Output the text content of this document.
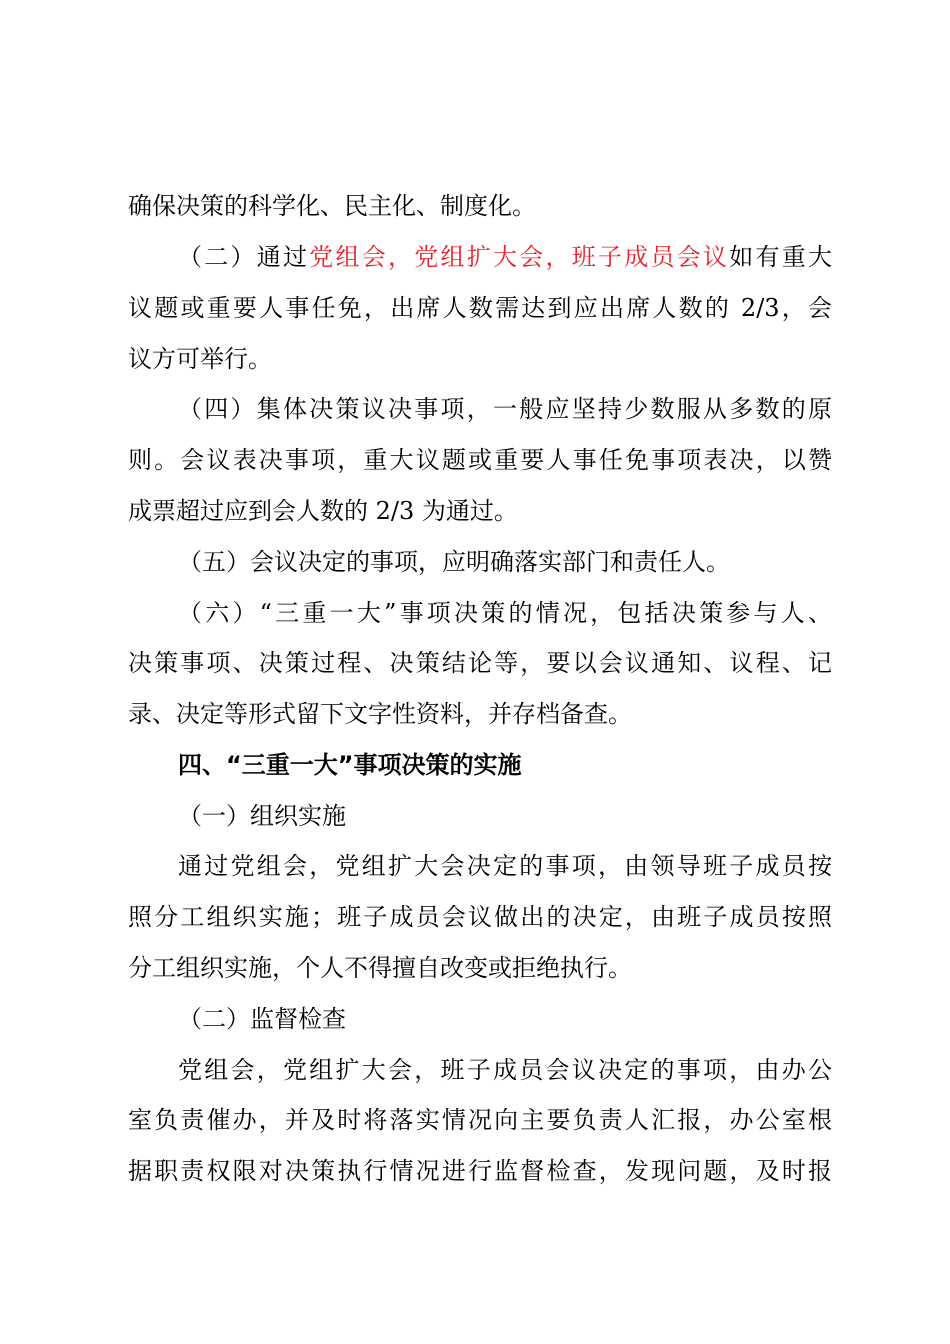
确保决策的科学化、民主化、制度化。
（二）通过党组会，党组扩大会，班子成员会议如有重大
议题或重要人事任免，出席人数需达到应出席人数的 2/3，会
议方可举行。
（四）集体决策议决事项，一般应坚持少数服从多数的原
则。会议表决事项，重大议题或重要人事任免事项表决，以赞
成票超过应到会人数的 2/3 为通过。
（五）会议决定的事项，应明确落实部门和责任人。
（六）“三重一大”事项决策的情况，包括决策参与人、
决策事项、决策过程、决策结论等，要以会议通知、议程、记
录、决定等形式留下文字性资料，并存档备查。
四、“三重一大”事项决策的实施
（一）组织实施
通过党组会，党组扩大会决定的事项，由领导班子成员按
照分工组织实施；班子成员会议做出的决定，由班子成员按照
分工组织实施，个人不得擅自改变或拒绝执行。
（二）监督检查
党组会，党组扩大会，班子成员会议决定的事项，由办公
室负责催办，并及时将落实情况向主要负责人汇报，办公室根
据职责权限对决策执行情况进行监督检查，发现问题，及时报
